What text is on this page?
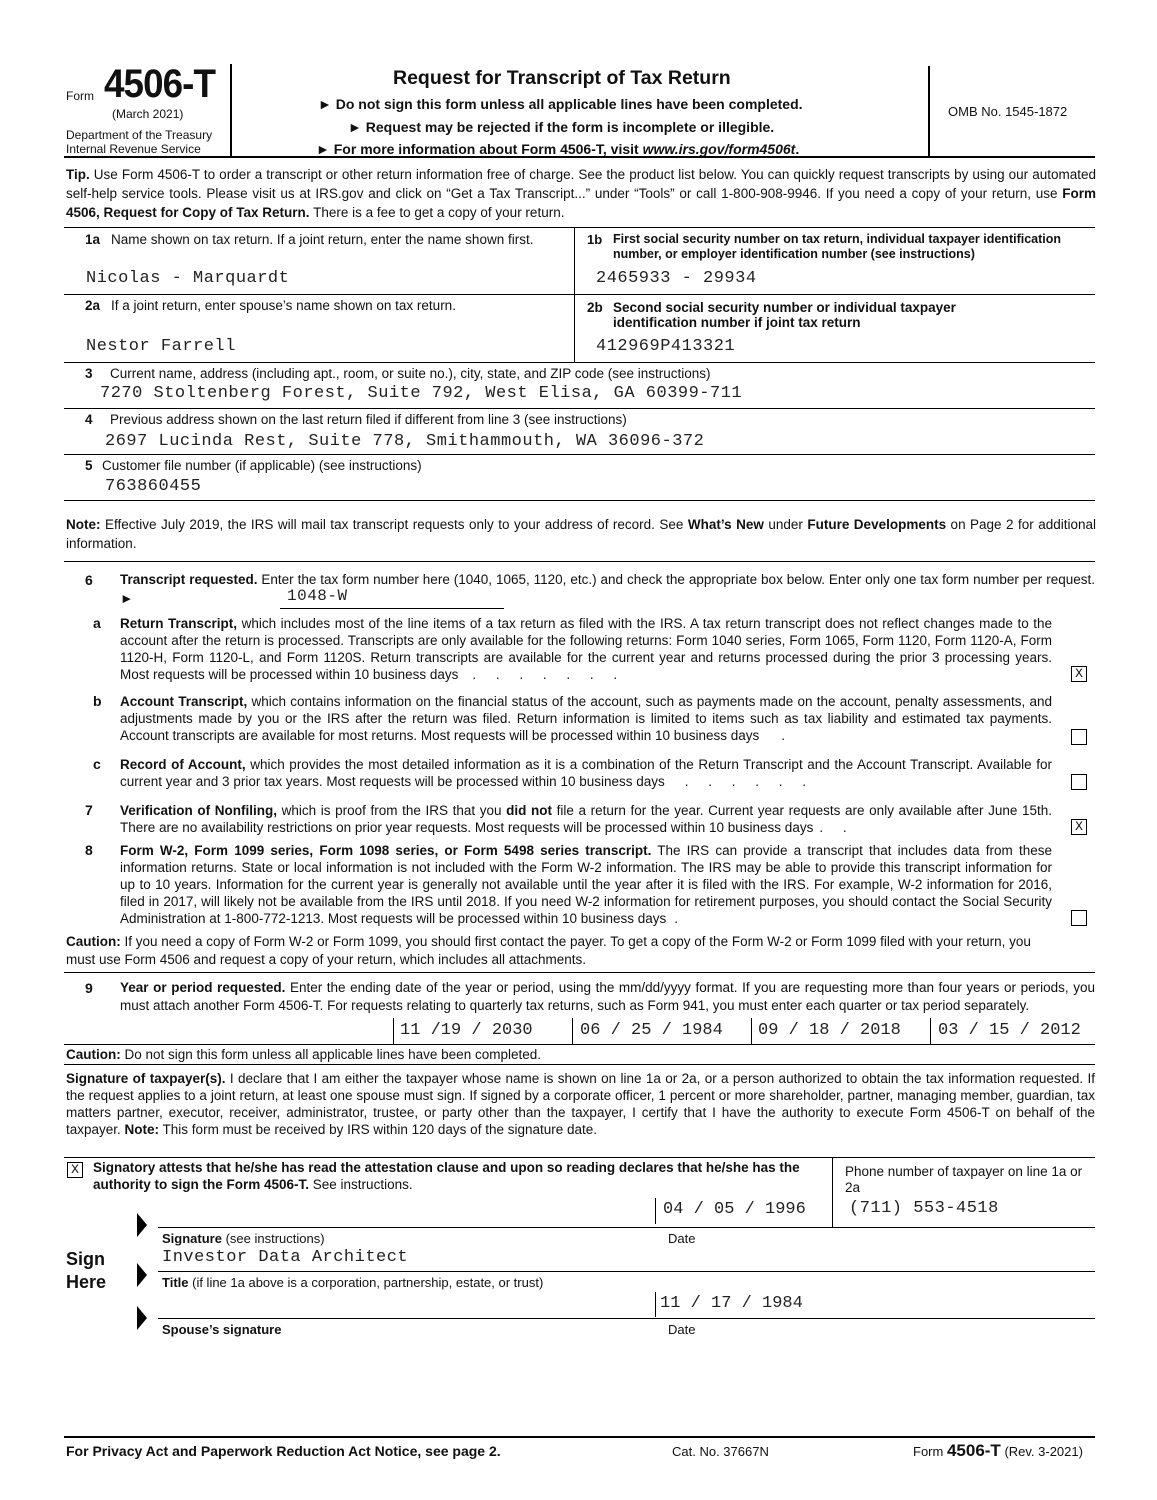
Form 4506-T
(March 2021)
Department of the Treasury
Internal Revenue Service
Request for Transcript of Tax Return
► Do not sign this form unless all applicable lines have been completed.
► Request may be rejected if the form is incomplete or illegible.
► For more information about Form 4506-T, visit www.irs.gov/form4506t.
OMB No. 1545-1872
Tip. Use Form 4506-T to order a transcript or other return information free of charge. See the product list below. You can quickly request transcripts by using our automated self-help service tools. Please visit us at IRS.gov and click on “Get a Tax Transcript...” under “Tools” or call 1-800-908-9946. If you need a copy of your return, use Form 4506, Request for Copy of Tax Return. There is a fee to get a copy of your return.
1a Name shown on tax return. If a joint return, enter the name shown first.
Nicolas - Marquardt
1b First social security number on tax return, individual taxpayer identification number, or employer identification number (see instructions)
2465933 - 29934
2a If a joint return, enter spouse’s name shown on tax return.
Nestor Farrell
2b Second social security number or individual taxpayer identification number if joint tax return
412969P413321
3 Current name, address (including apt., room, or suite no.), city, state, and ZIP code (see instructions)
7270 Stoltenberg Forest, Suite 792, West Elisa, GA 60399-711
4 Previous address shown on the last return filed if different from line 3 (see instructions)
2697 Lucinda Rest, Suite 778, Smithammouth, WA 36096-372
5 Customer file number (if applicable) (see instructions)
763860455
Note: Effective July 2019, the IRS will mail tax transcript requests only to your address of record. See What’s New under Future Developments on Page 2 for additional information.
6 Transcript requested. Enter the tax form number here (1040, 1065, 1120, etc.) and check the appropriate box below. Enter only one tax form number per request. ►	1048-W
a Return Transcript, which includes most of the line items of a tax return as filed with the IRS. A tax return transcript does not reflect changes made to the account after the return is processed. Transcripts are only available for the following returns: Form 1040 series, Form 1065, Form 1120, Form 1120-A, Form 1120-H, Form 1120-L, and Form 1120S. Return transcripts are available for the current year and returns processed during the prior 3 processing years. Most requests will be processed within 10 business days . . . . . . .	X
b Account Transcript, which contains information on the financial status of the account, such as payments made on the account, penalty assessments, and adjustments made by you or the IRS after the return was filed. Return information is limited to items such as tax liability and estimated tax payments. Account transcripts are available for most returns. Most requests will be processed within 10 business days .
c Record of Account, which provides the most detailed information as it is a combination of the Return Transcript and the Account Transcript. Available for current year and 3 prior tax years. Most requests will be processed within 10 business days . . . . . .
7 Verification of Nonfiling, which is proof from the IRS that you did not file a return for the year. Current year requests are only available after June 15th. There are no availability restrictions on prior year requests. Most requests will be processed within 10 business days . .	X
8 Form W-2, Form 1099 series, Form 1098 series, or Form 5498 series transcript. The IRS can provide a transcript that includes data from these information returns. State or local information is not included with the Form W-2 information. The IRS may be able to provide this transcript information for up to 10 years. Information for the current year is generally not available until the year after it is filed with the IRS. For example, W-2 information for 2016, filed in 2017, will likely not be available from the IRS until 2018. If you need W-2 information for retirement purposes, you should contact the Social Security Administration at 1-800-772-1213. Most requests will be processed within 10 business days .
Caution: If you need a copy of Form W-2 or Form 1099, you should first contact the payer. To get a copy of the Form W-2 or Form 1099 filed with your return, you must use Form 4506 and request a copy of your return, which includes all attachments.
9 Year or period requested. Enter the ending date of the year or period, using the mm/dd/yyyy format. If you are requesting more than four years or periods, you must attach another Form 4506-T. For requests relating to quarterly tax returns, such as Form 941, you must enter each quarter or tax period separately.
11 /19 / 2030	06 / 25 / 1984 09 / 18 / 2018 03 / 15 / 2012
Caution: Do not sign this form unless all applicable lines have been completed.
Signature of taxpayer(s). I declare that I am either the taxpayer whose name is shown on line 1a or 2a, or a person authorized to obtain the tax information requested. If the request applies to a joint return, at least one spouse must sign. If signed by a corporate officer, 1 percent or more shareholder, partner, managing member, guardian, tax matters partner, executor, receiver, administrator, trustee, or party other than the taxpayer, I certify that I have the authority to execute Form 4506-T on behalf of the taxpayer. Note: This form must be received by IRS within 120 days of the signature date.
X	Signatory attests that he/she has read the attestation clause and upon so reading declares that he/she has the authority to sign the Form 4506-T. See instructions.
Phone number of taxpayer on line 1a or 2a
(711) 553-4518
Sign
Here
04 / 05 / 1996
Signature (see instructions)	Date
Investor Data Architect
Title (if line 1a above is a corporation, partnership, estate, or trust)
11 / 17 / 1984
Spouse’s signature	Date
For Privacy Act and Paperwork Reduction Act Notice, see page 2.	Cat. No. 37667N	Form 4506-T (Rev. 3-2021)
